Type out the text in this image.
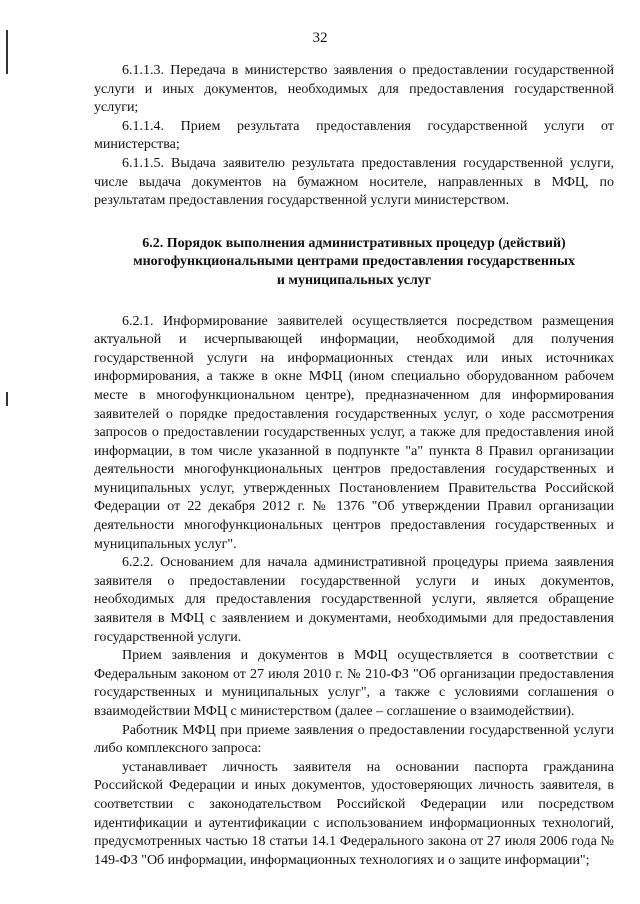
32

6.1.1.3. Передача в министерство заявления о предоставлении государственной услуги и иных документов, необходимых для предоставления государственной услуги;

6.1.1.4. Прием результата предоставления государственной услуги от министерства;

6.1.1.5. Выдача заявителю результата предоставления государственной услуги, числе выдача документов на бумажном носителе, направленных в МФЦ, по результатам предоставления государственной услуги министерством.

6.2. Порядок выполнения административных процедур (действий)
многофункциональными центрами предоставления государственных
и муниципальных услуг

6.2.1. Информирование заявителей осуществляется посредством размещения актуальной и исчерпывающей информации, необходимой для получения государственной услуги на информационных стендах или иных источниках информирования, а также в окне МФЦ (ином специально оборудованном рабочем месте в многофункциональном центре), предназначенном для информирования заявителей о порядке предоставления государственных услуг, о ходе рассмотрения запросов о предоставлении государственных услуг, а также для предоставления иной информации, в том числе указанной в подпункте "а" пункта 8 Правил организации деятельности многофункциональных центров предоставления государственных и муниципальных услуг, утвержденных Постановлением Правительства Российской Федерации от 22 декабря 2012 г. № 1376 "Об утверждении Правил организации деятельности многофункциональных центров предоставления государственных и муниципальных услуг".

6.2.2. Основанием для начала административной процедуры приема заявления заявителя о предоставлении государственной услуги и иных документов, необходимых для предоставления государственной услуги, является обращение заявителя в МФЦ с заявлением и документами, необходимыми для предоставления государственной услуги.

Прием заявления и документов в МФЦ осуществляется в соответствии с Федеральным законом от 27 июля 2010 г. № 210-ФЗ "Об организации предоставления государственных и муниципальных услуг", а также с условиями соглашения о взаимодействии МФЦ с министерством (далее – соглашение о взаимодействии).

Работник МФЦ при приеме заявления о предоставлении государственной услуги либо комплексного запроса:

устанавливает личность заявителя на основании паспорта гражданина Российской Федерации и иных документов, удостоверяющих личность заявителя, в соответствии с законодательством Российской Федерации или посредством идентификации и аутентификации с использованием информационных технологий, предусмотренных частью 18 статьи 14.1 Федерального закона от 27 июля 2006 года № 149-ФЗ "Об информации, информационных технологиях и о защите информации";
